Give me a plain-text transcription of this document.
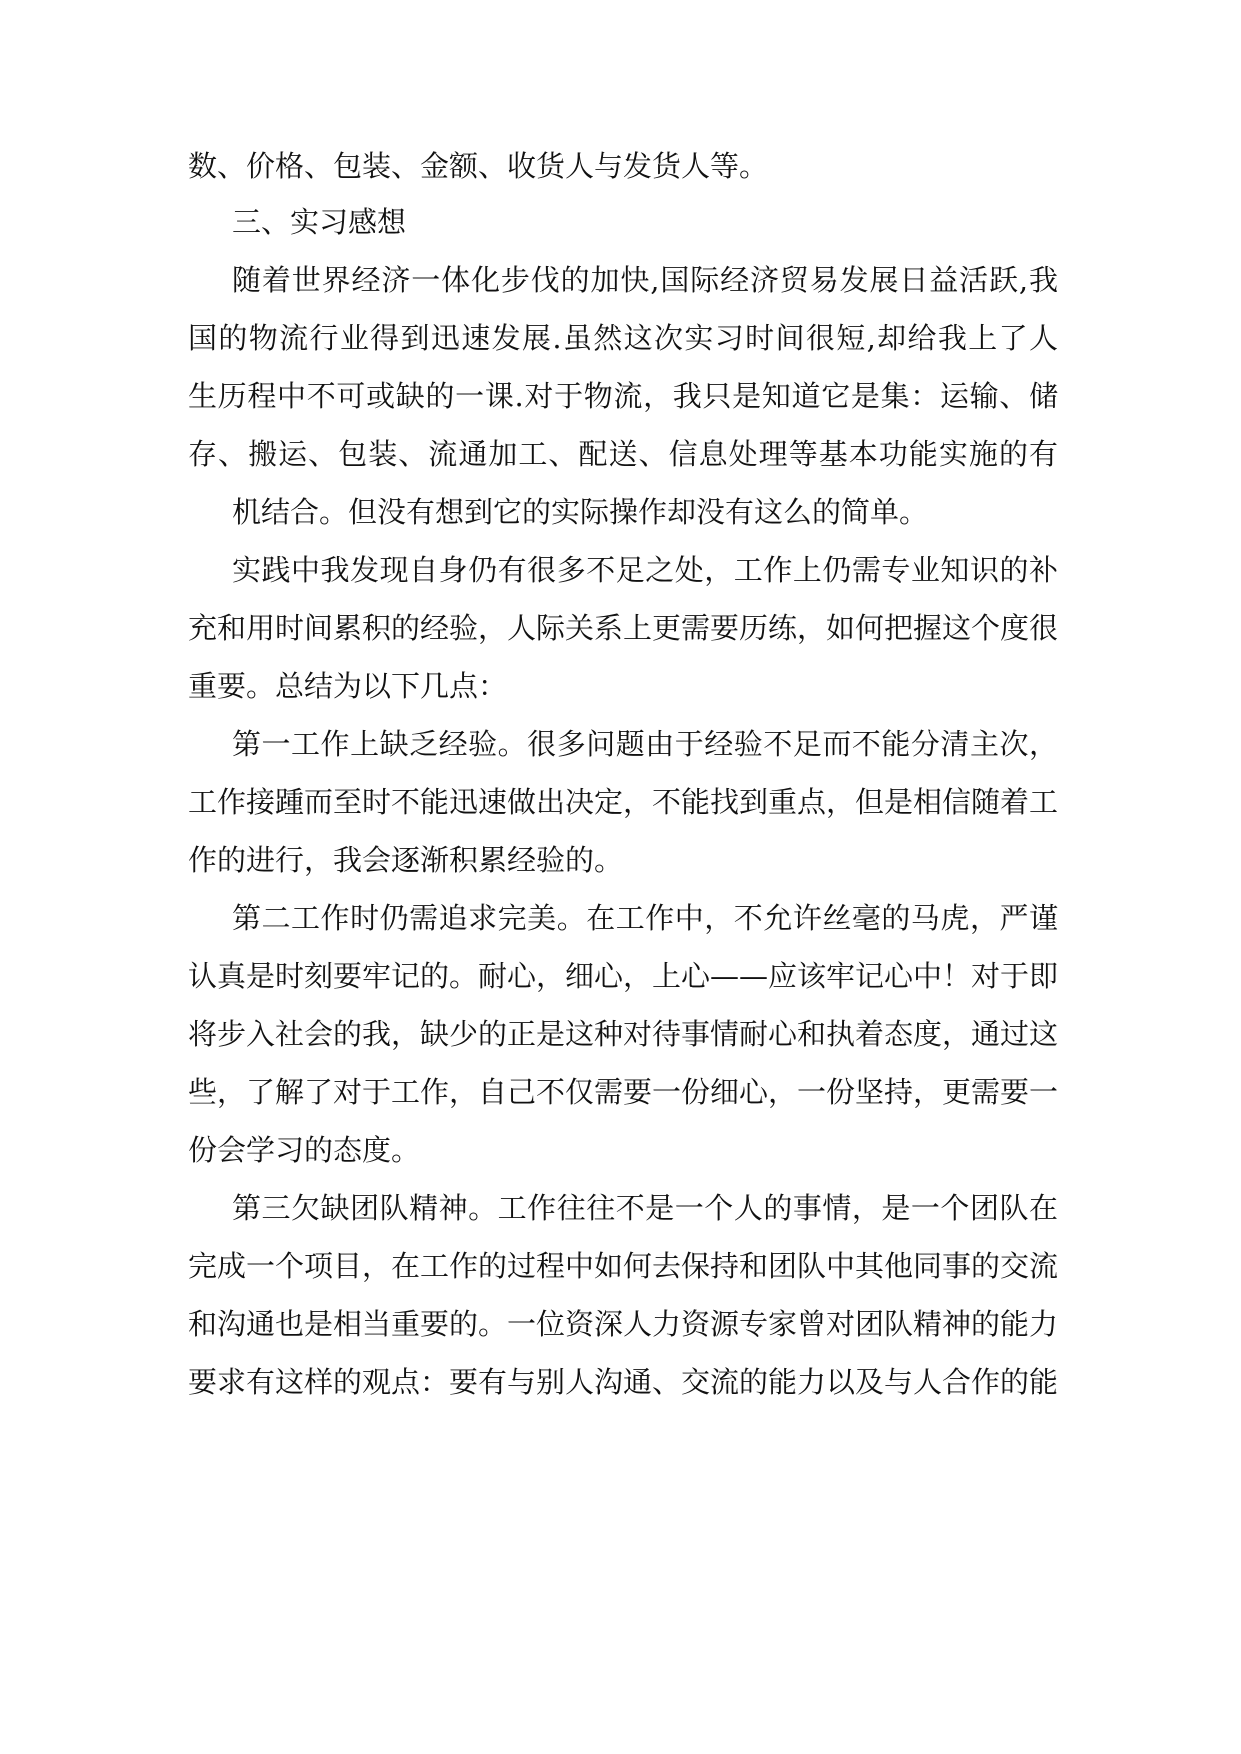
数、价格、包装、金额、收货人与发货人等。
三、实习感想
随着世界经济一体化步伐的加快,国际经济贸易发展日益活跃,我
国的物流行业得到迅速发展.虽然这次实习时间很短,却给我上了人
生历程中不可或缺的一课.对于物流，我只是知道它是集：运输、储
存、搬运、包装、流通加工、配送、信息处理等基本功能实施的有
机结合。但没有想到它的实际操作却没有这么的简单。
实践中我发现自身仍有很多不足之处，工作上仍需专业知识的补
充和用时间累积的经验，人际关系上更需要历练，如何把握这个度很
重要。总结为以下几点：
第一工作上缺乏经验。很多问题由于经验不足而不能分清主次，
工作接踵而至时不能迅速做出决定，不能找到重点，但是相信随着工
作的进行，我会逐渐积累经验的。
第二工作时仍需追求完美。在工作中，不允许丝毫的马虎，严谨
认真是时刻要牢记的。耐心，细心，上心——应该牢记心中！对于即
将步入社会的我，缺少的正是这种对待事情耐心和执着态度，通过这
些，了解了对于工作，自己不仅需要一份细心，一份坚持，更需要一
份会学习的态度。
第三欠缺团队精神。工作往往不是一个人的事情，是一个团队在
完成一个项目，在工作的过程中如何去保持和团队中其他同事的交流
和沟通也是相当重要的。一位资深人力资源专家曾对团队精神的能力
要求有这样的观点：要有与别人沟通、交流的能力以及与人合作的能
